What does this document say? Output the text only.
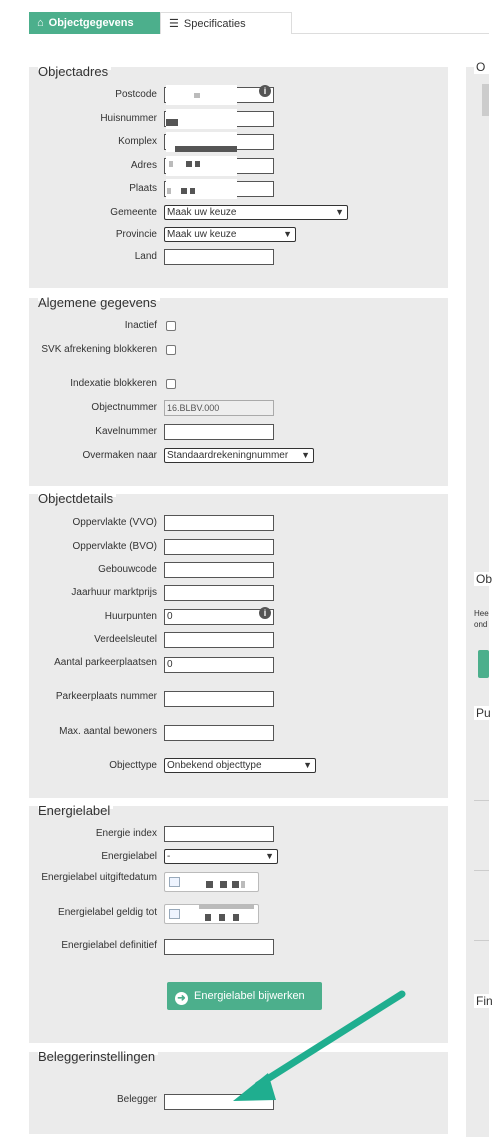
⌂ Objectgegevens	☰ Specificaties
Objectadres
Postcode	i
Huisnummer
Komplex
Adres
Plaats
Gemeente	Maak uw keuze	▼
Provincie	Maak uw keuze	▼
Land
Algemene gegevens
Inactief
SVK afrekening blokkeren
Indexatie blokkeren
Objectnummer	16.BLBV.000
Kavelnummer
Overmaken naar	Standaardrekeningnummer ▼
Objectdetails
Oppervlakte (VVO)
Oppervlakte (BVO)
Gebouwcode
Jaarhuur marktprijs
Huurpunten	0	i
Verdeelsleutel
Aantal parkeerplaatsen	0
Parkeerplaats nummer
Max. aantal bewoners
Objecttype	Onbekend objecttype	▼
Energielabel
Energie index
Energielabel	-	▼
Energielabel uitgiftedatum
Energielabel geldig tot
Energielabel definitief
➜ Energielabel bijwerken
Beleggerinstellingen
Belegger
O
Ob
Hee
ond
Pu
Fin
